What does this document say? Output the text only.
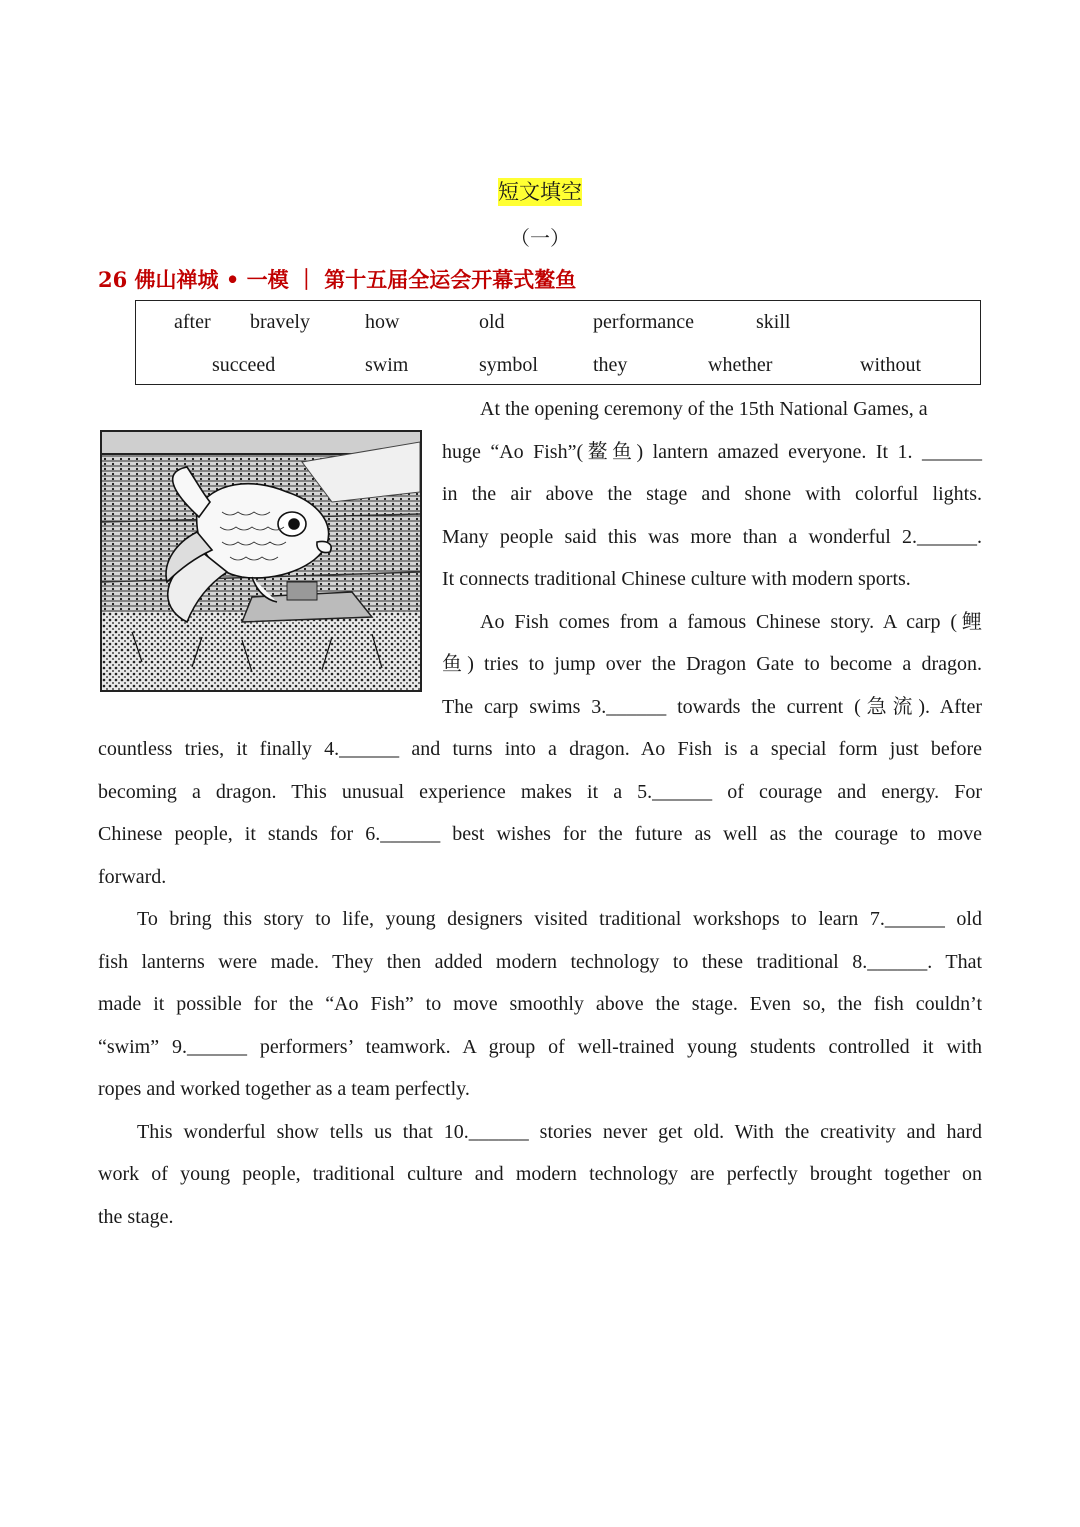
短文填空
（一）
26 佛山禅城 • 一模 ｜ 第十五届全运会开幕式鳌鱼
after bravely	how	old	performance	skill
succeed	swim	symbol	they	whether	without
At the opening ceremony of the 15th National Games, a
huge “Ao Fish”(鳌鱼) lantern amazed everyone. It 1. ______
in the air above the stage and shone with colorful lights.
Many people said this was more than a wonderful 2.______.
It connects traditional Chinese culture with modern sports.
Ao Fish comes from a famous Chinese story. A carp (鲤
鱼) tries to jump over the Dragon Gate to become a dragon.
The carp swims 3.______ towards the current (急流). After
countless tries, it finally 4.______ and turns into a dragon. Ao Fish is a special form just before
becoming a dragon. This unusual experience makes it a 5.______ of courage and energy. For
Chinese people, it stands for 6.______ best wishes for the future as well as the courage to move
forward.
To bring this story to life, young designers visited traditional workshops to learn 7.______ old
fish lanterns were made. They then added modern technology to these traditional 8.______. That
made it possible for the “Ao Fish” to move smoothly above the stage. Even so, the fish couldn’t
“swim” 9.______ performers’ teamwork. A group of well-trained young students controlled it with
ropes and worked together as a team perfectly.
This wonderful show tells us that 10.______ stories never get old. With the creativity and hard
work of young people, traditional culture and modern technology are perfectly brought together on
the stage.
